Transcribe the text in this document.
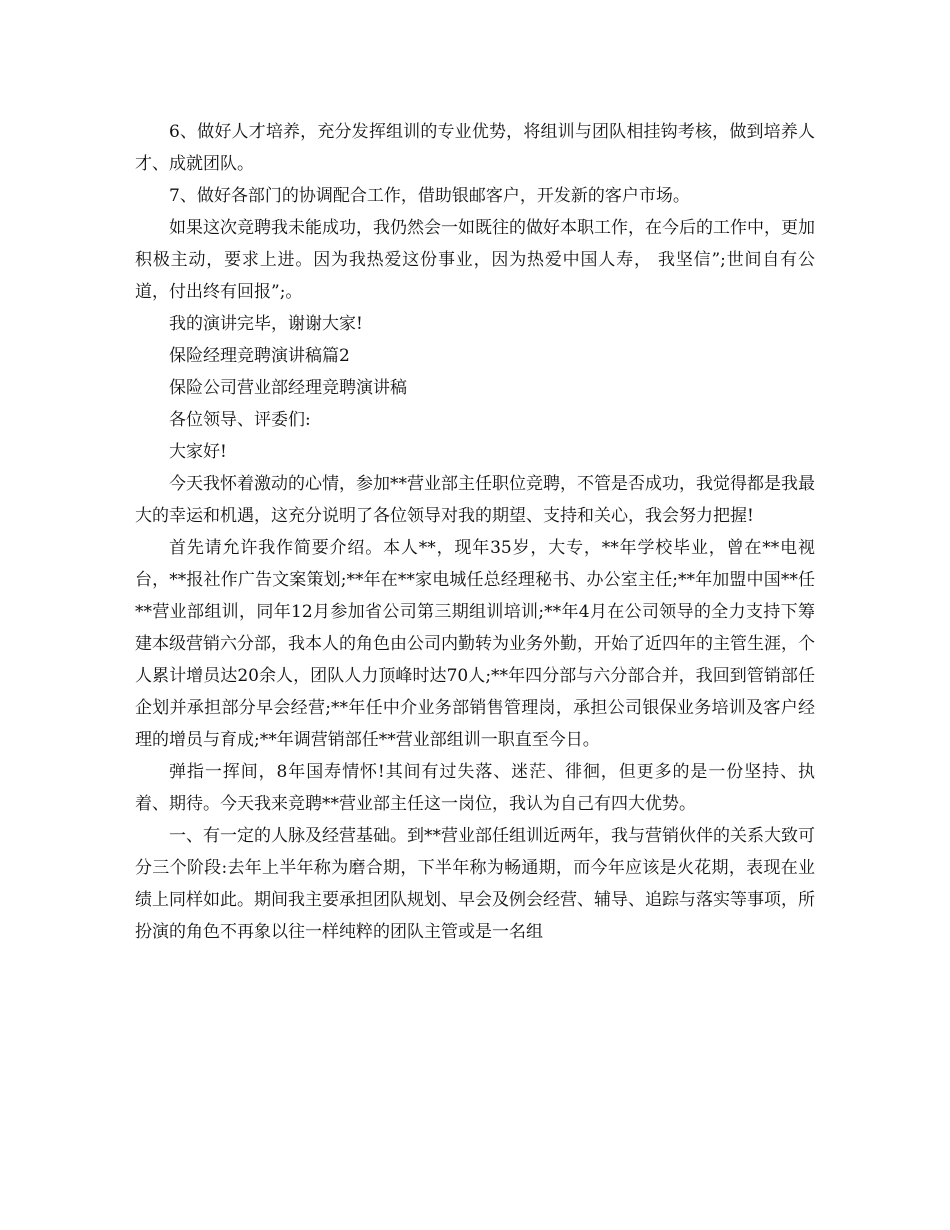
6、做好人才培养，充分发挥组训的专业优势，将组训与团队相挂钩考核，做到培养人才、成就团队。

7、做好各部门的协调配合工作，借助银邮客户，开发新的客户市场。

如果这次竞聘我未能成功，我仍然会一如既往的做好本职工作，在今后的工作中，更加积极主动，要求上进。因为我热爱这份事业，因为热爱中国人寿， 我坚信”;世间自有公道，付出终有回报”;。

我的演讲完毕，谢谢大家!

保险经理竞聘演讲稿篇2

保险公司营业部经理竞聘演讲稿

各位领导、评委们:

大家好!

今天我怀着激动的心情，参加**营业部主任职位竞聘，不管是否成功，我觉得都是我最大的幸运和机遇，这充分说明了各位领导对我的期望、支持和关心，我会努力把握!

首先请允许我作简要介绍。本人**，现年35岁，大专，**年学校毕业，曾在**电视台，**报社作广告文案策划;**年在**家电城任总经理秘书、办公室主任;**年加盟中国**任**营业部组训，同年12月参加省公司第三期组训培训;**年4月在公司领导的全力支持下筹建本级营销六分部，我本人的角色由公司内勤转为业务外勤，开始了近四年的主管生涯，个人累计增员达20余人，团队人力顶峰时达70人;**年四分部与六分部合并，我回到管销部任企划并承担部分早会经营;**年任中介业务部销售管理岗，承担公司银保业务培训及客户经理的增员与育成;**年调营销部任**营业部组训一职直至今日。

弹指一挥间，8年国寿情怀!其间有过失落、迷茫、徘徊，但更多的是一份坚持、执着、期待。今天我来竞聘**营业部主任这一岗位，我认为自己有四大优势。

一、有一定的人脉及经营基础。到**营业部任组训近两年，我与营销伙伴的关系大致可分三个阶段:去年上半年称为磨合期，下半年称为畅通期，而今年应该是火花期，表现在业绩上同样如此。期间我主要承担团队规划、早会及例会经营、辅导、追踪与落实等事项，所扮演的角色不再象以往一样纯粹的团队主管或是一名组
